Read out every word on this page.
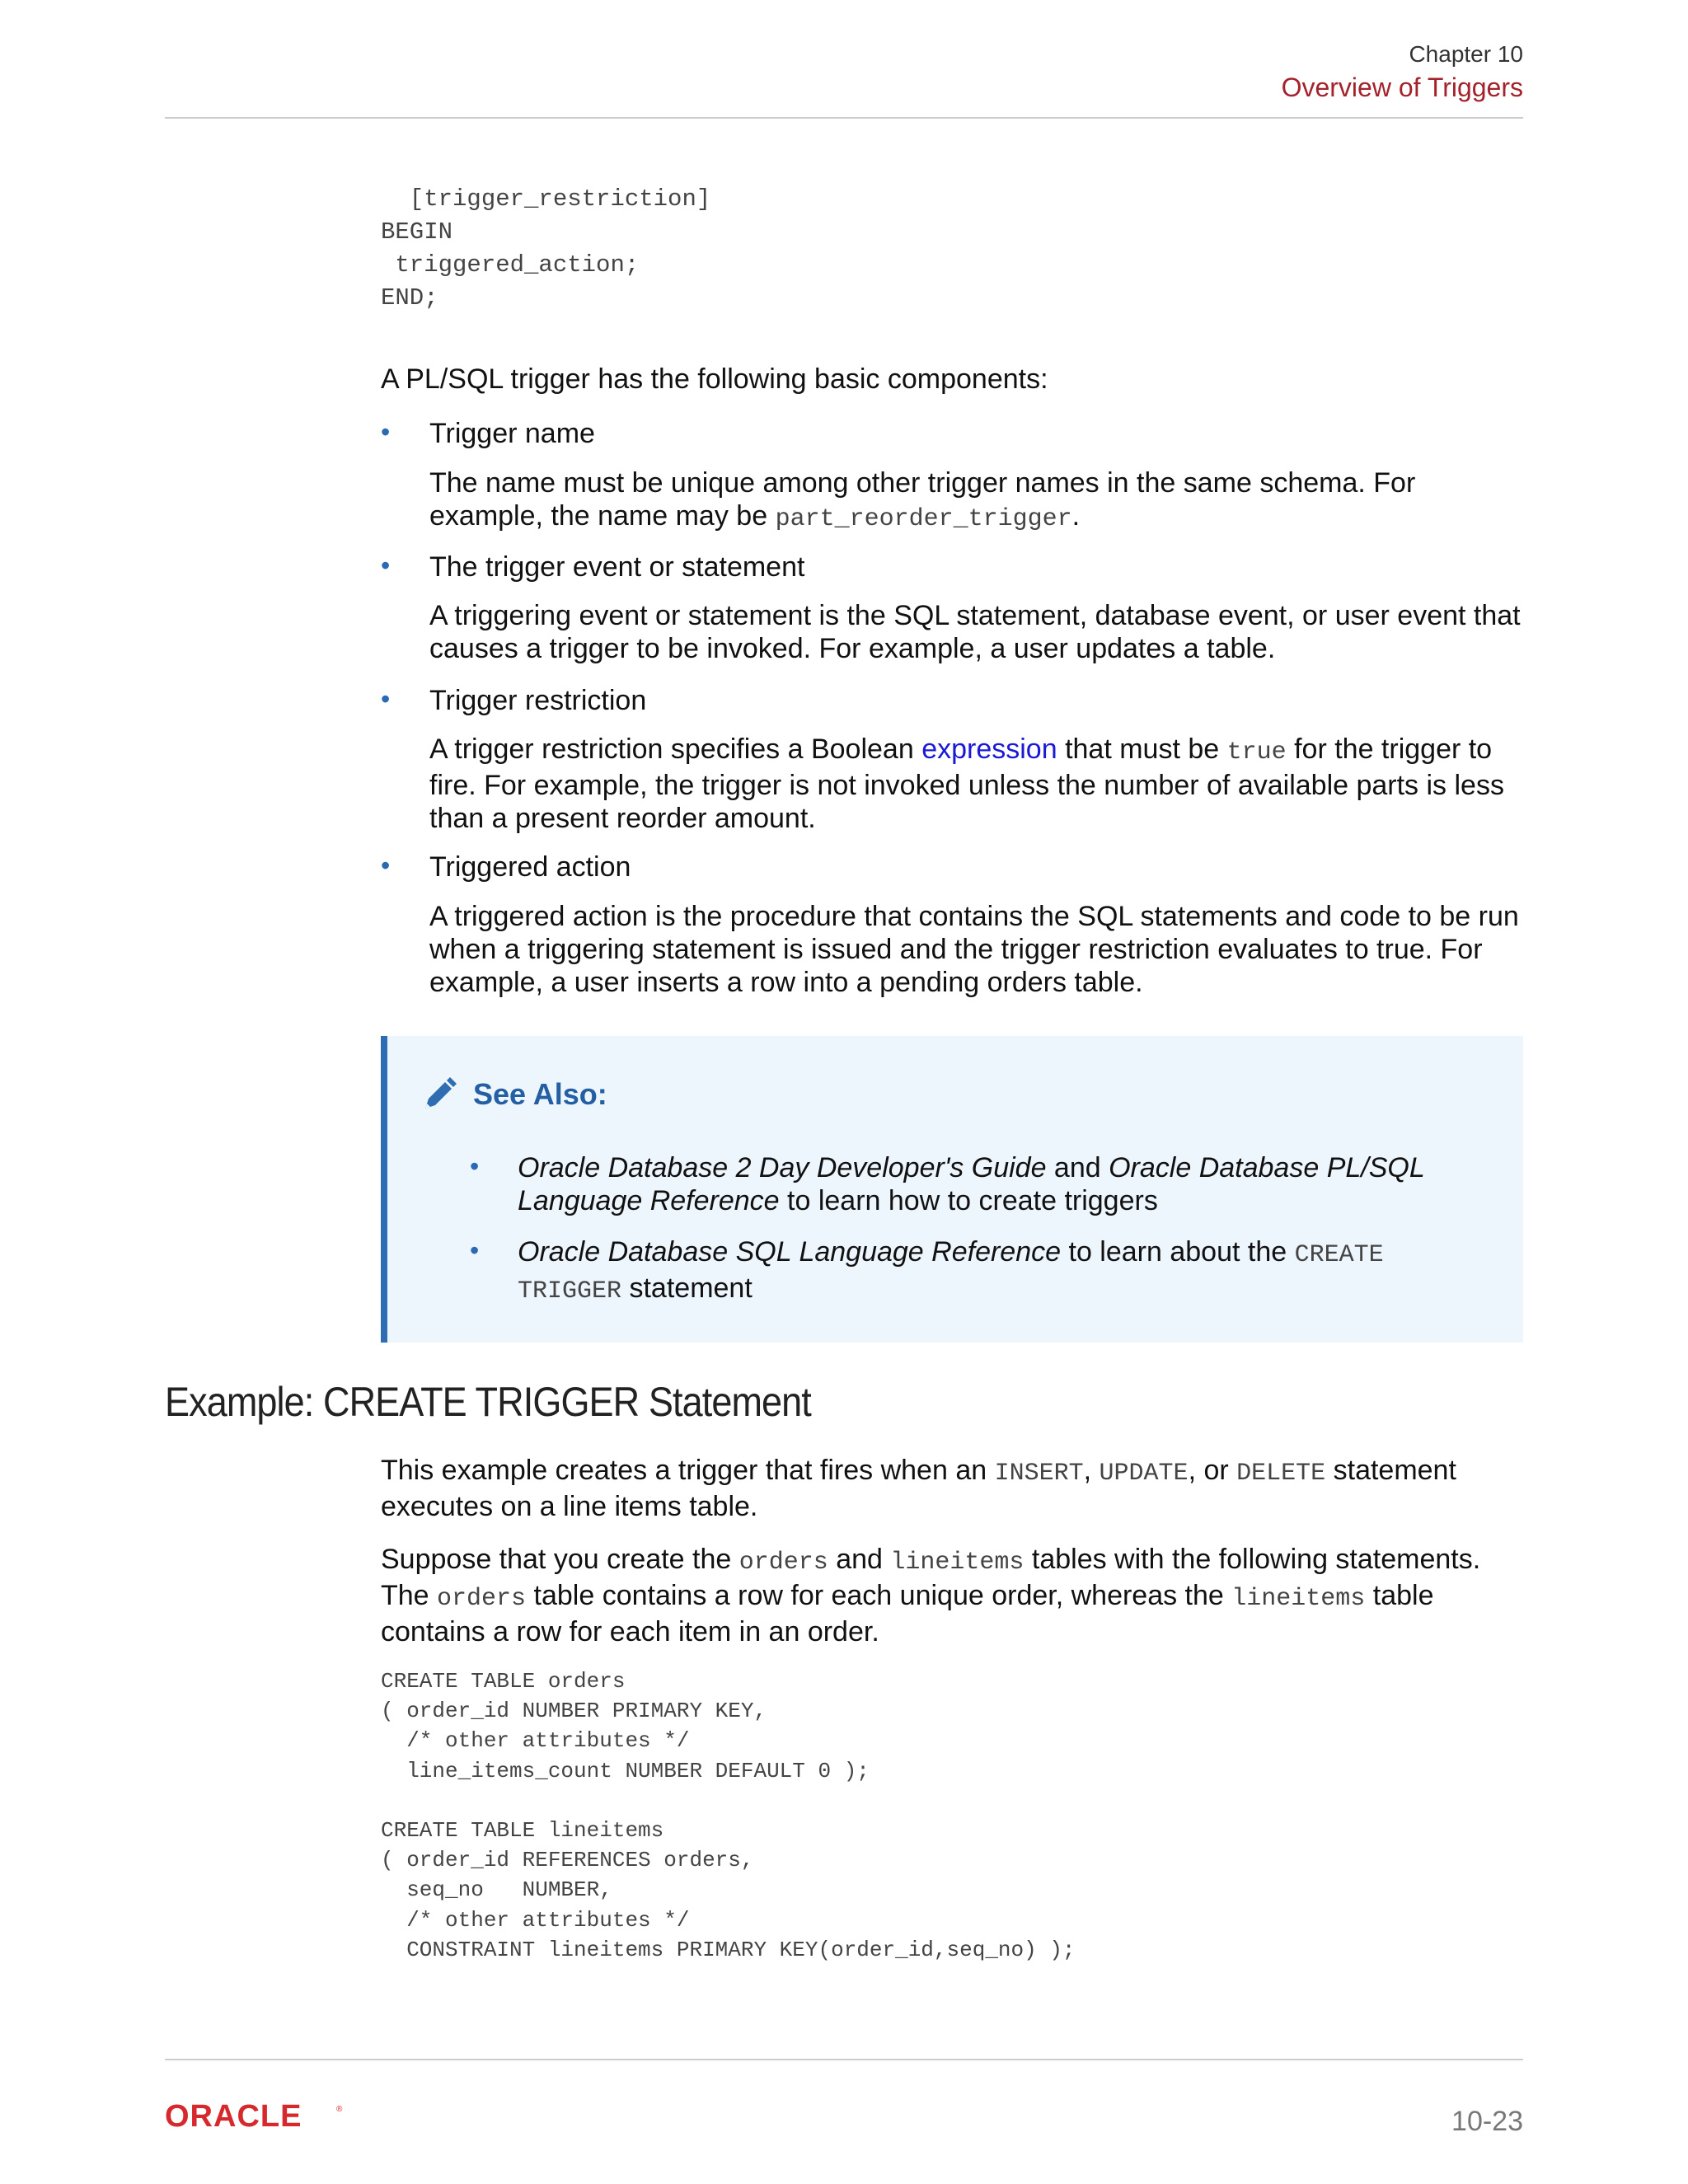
Chapter 10
Overview of Triggers
[trigger_restriction]
BEGIN
triggered_action;
END;

A PL/SQL trigger has the following basic components:

• Trigger name

The name must be unique among other trigger names in the same schema. For example, the name may be part_reorder_trigger.

• The trigger event or statement

A triggering event or statement is the SQL statement, database event, or user event that causes a trigger to be invoked. For example, a user updates a table.

• Trigger restriction

A trigger restriction specifies a Boolean expression that must be true for the trigger to fire. For example, the trigger is not invoked unless the number of available parts is less than a present reorder amount.

• Triggered action

A triggered action is the procedure that contains the SQL statements and code to be run when a triggering statement is issued and the trigger restriction evaluates to true. For example, a user inserts a row into a pending orders table.

See Also:
• Oracle Database 2 Day Developer's Guide and Oracle Database PL/SQL Language Reference to learn how to create triggers

• Oracle Database SQL Language Reference to learn about the CREATE TRIGGER statement

Example: CREATE TRIGGER Statement

This example creates a trigger that fires when an INSERT, UPDATE, or DELETE statement executes on a line items table.

Suppose that you create the orders and lineitems tables with the following statements. The orders table contains a row for each unique order, whereas the lineitems table contains a row for each item in an order.

CREATE TABLE orders
( order_id NUMBER PRIMARY KEY,
/* other attributes */
line_items_count NUMBER DEFAULT 0 );

CREATE TABLE lineitems
( order_id REFERENCES orders,
seq_no   NUMBER,
/* other attributes */
CONSTRAINT lineitems PRIMARY KEY(order_id,seq_no) );
ORACLE	®	10-23
